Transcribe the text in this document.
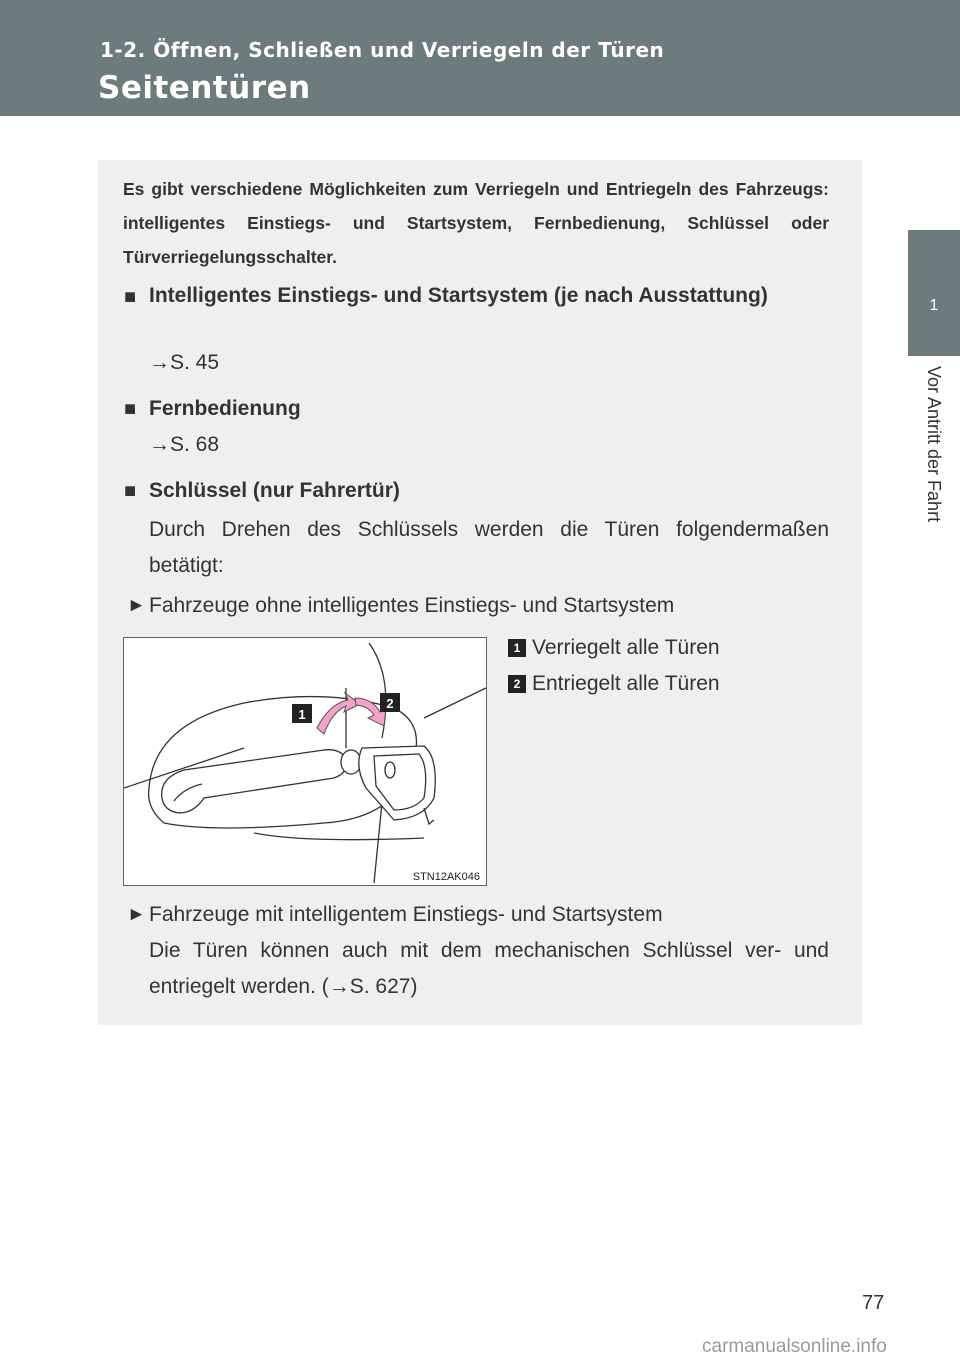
1-2. Öffnen, Schließen und Verriegeln der Türen
Seitentüren
1
Vor Antritt der Fahrt

Es gibt verschiedene Möglichkeiten zum Verriegeln und Entriegeln des Fahrzeugs: intelligentes Einstiegs- und Startsystem, Fernbedienung, Schlüssel oder Türverriegelungsschalter.

■ Intelligentes Einstiegs- und Startsystem (je nach Ausstattung)

→S. 45
■ Fernbedienung

→S. 68
■ Schlüssel (nur Fahrertür)

Durch Drehen des Schlüssels werden die Türen folgendermaßen betätigt:

► Fahrzeuge ohne intelligentes Einstiegs- und Startsystem
1 Verriegelt alle Türen
2 Entriegelt alle Türen
1
2
STN12AK046
► Fahrzeuge mit intelligentem Einstiegs- und Startsystem

Die Türen können auch mit dem mechanischen Schlüssel ver- und entriegelt werden. (→S. 627)

77
carmanualsonline.info
